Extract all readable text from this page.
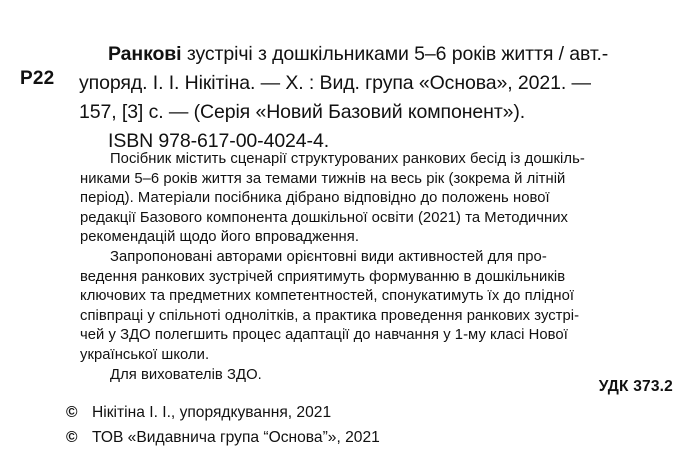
Р22
Ранкові зустрічі з дошкільниками 5–6 років життя / авт.-
упоряд. І. І. Нікітіна. — Х. : Вид. група «Основа», 2021. —
157, [3] с. — (Серія «Новий Базовий компонент»).
ISBN 978-617-00-4024-4.
Посібник містить сценарії структурованих ранкових бесід із дошкіль-
никами 5–6 років життя за темами тижнів на весь рік (зокрема й літній
період). Матеріали посібника дібрано відповідно до положень нової
редакції Базового компонента дошкільної освіти (2021) та Методичних
рекомендацій щодо його впровадження.
Запропоновані авторами орієнтовні види активностей для про-
ведення ранкових зустрічей сприятимуть формуванню в дошкільників
ключових та предметних компетентностей, спонукатимуть їх до плідної
співпраці у спільноті однолітків, а практика проведення ранкових зустрі-
чей у ЗДО полегшить процес адаптації до навчання у 1-му класі Нової
української школи.
Для вихователів ЗДО.
УДК 373.2
© Нікітіна І. І., упорядкування, 2021
© ТОВ «Видавнича група “Основа”», 2021
